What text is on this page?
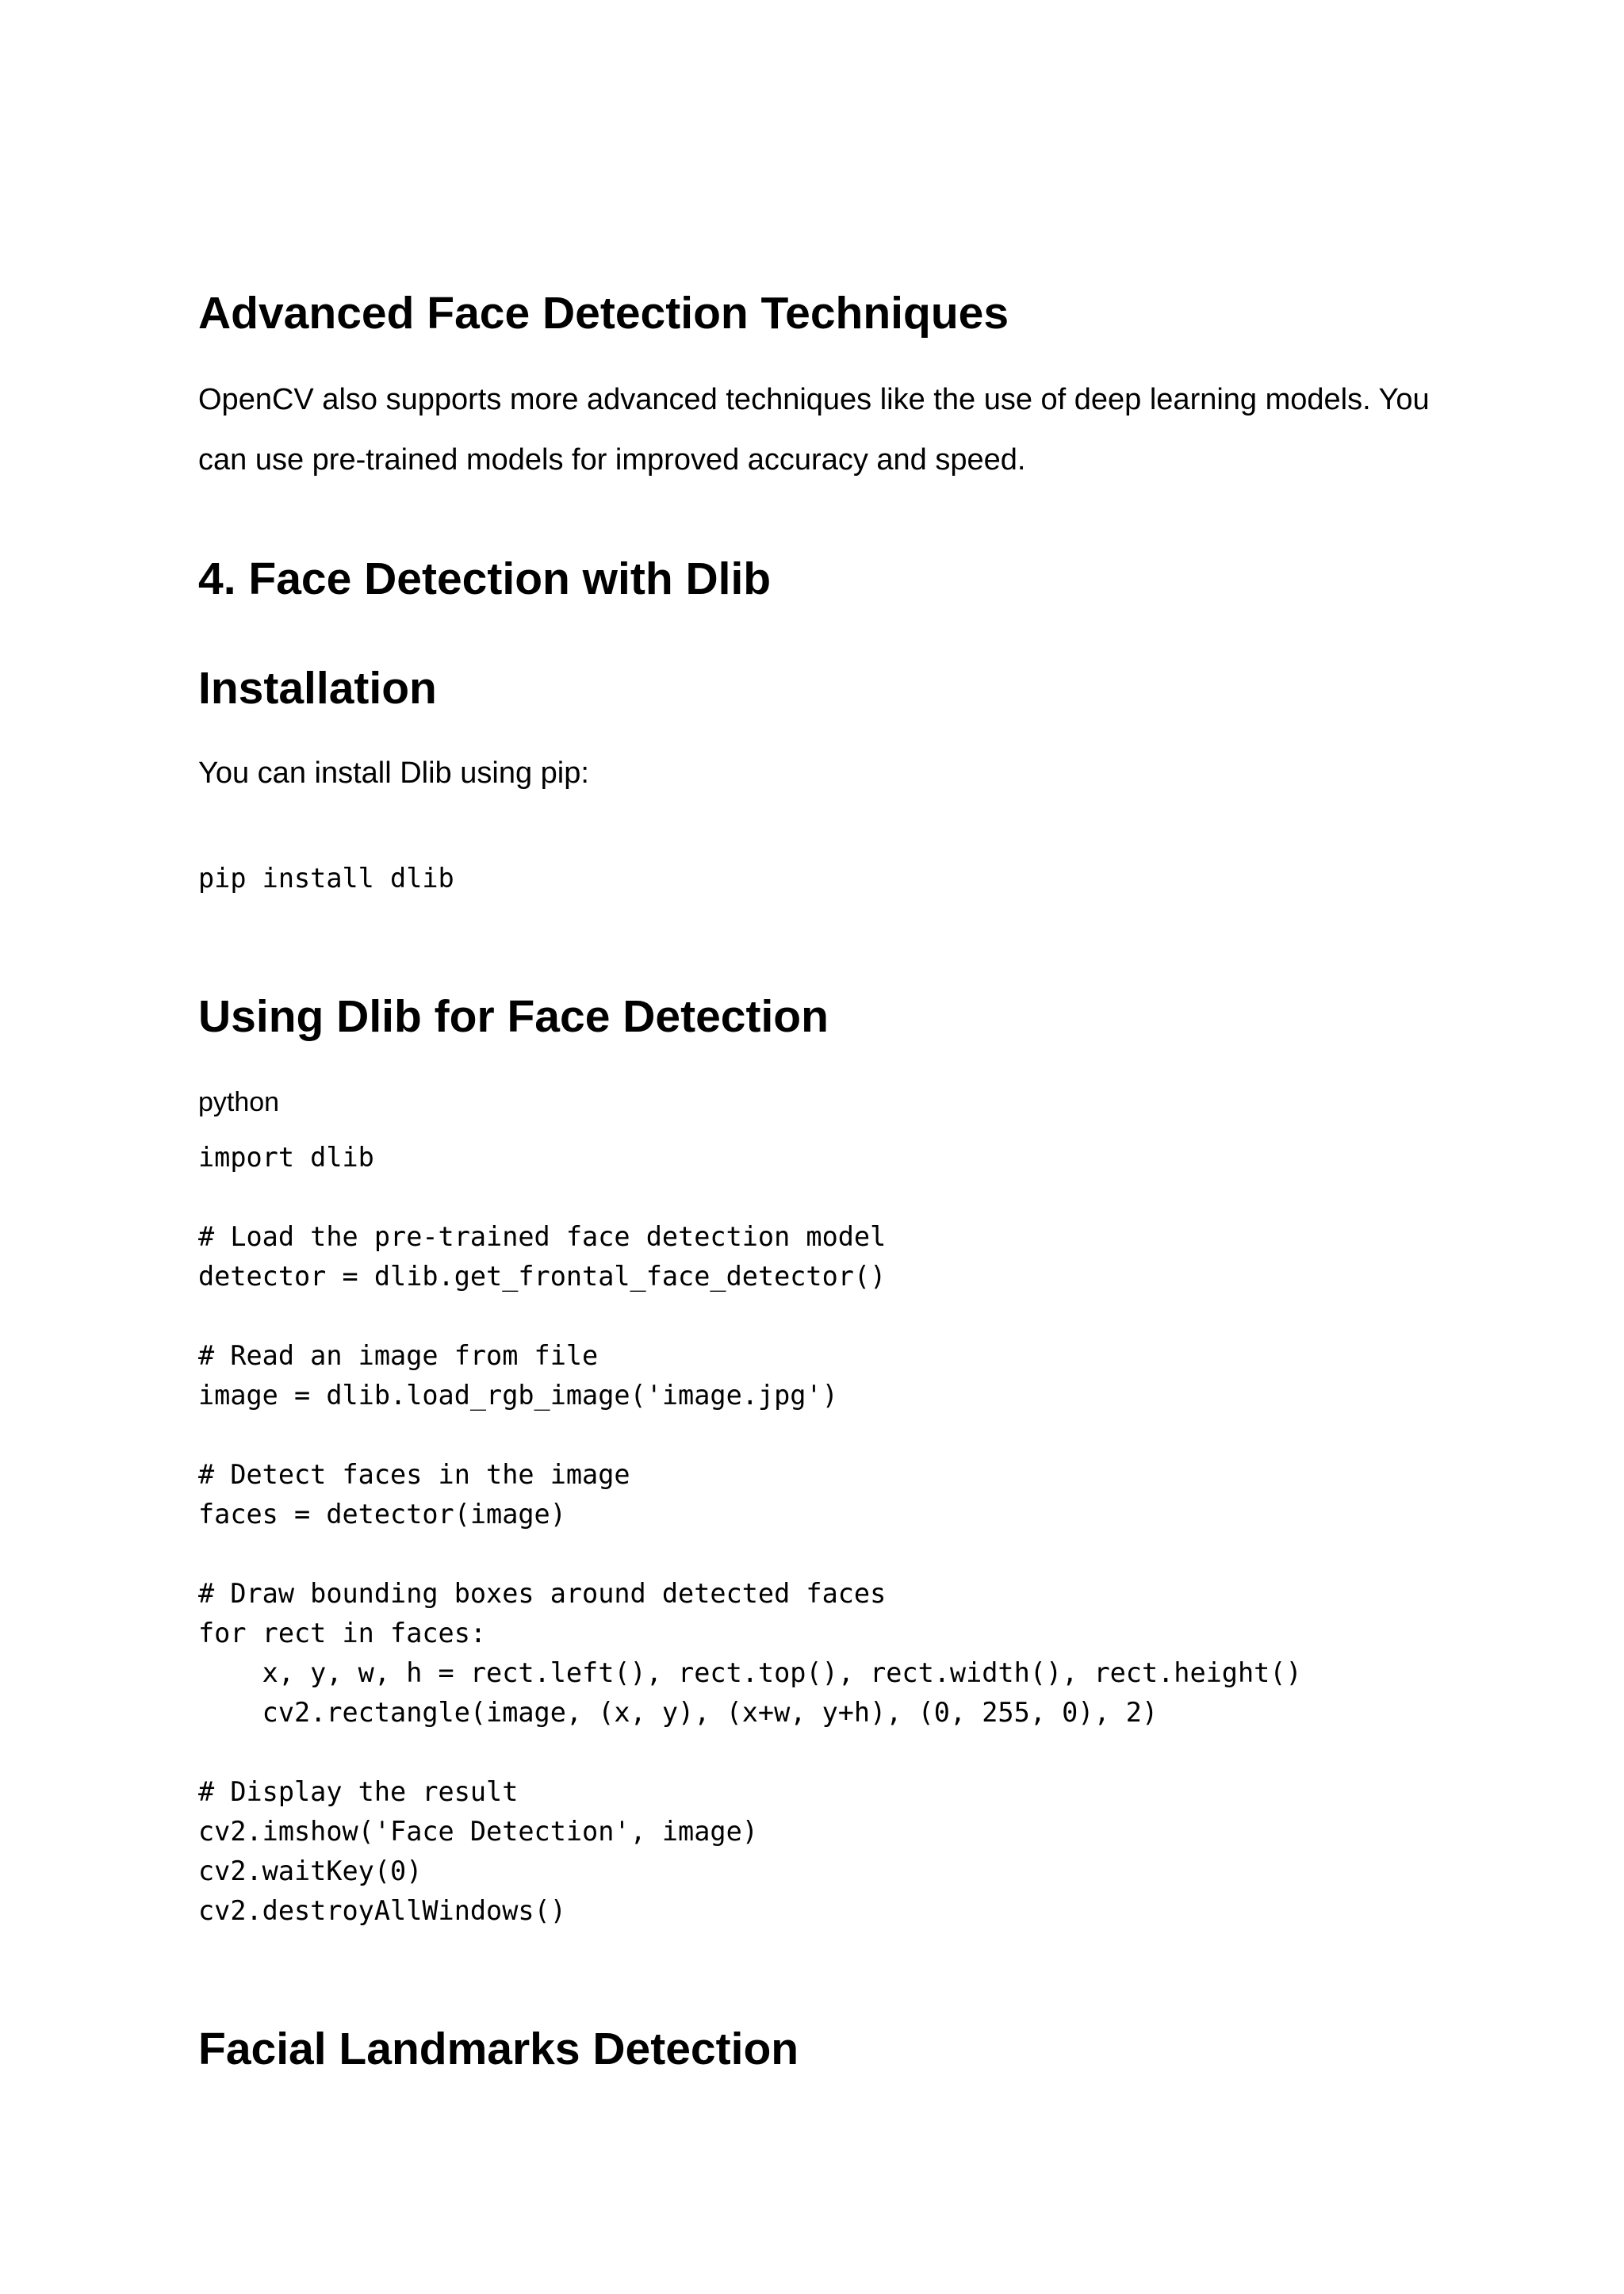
Advanced Face Detection Techniques

OpenCV also supports more advanced techniques like the use of deep learning models. You

can use pre-trained models for improved accuracy and speed.

4. Face Detection with Dlib
Installation

You can install Dlib using pip:

pip install dlib
Using Dlib for Face Detection

python

import dlib

# Load the pre-trained face detection model
detector = dlib.get_frontal_face_detector()

# Read an image from file
image = dlib.load_rgb_image('image.jpg')

# Detect faces in the image
faces = detector(image)

# Draw bounding boxes around detected faces
for rect in faces:
x, y, w, h = rect.left(), rect.top(), rect.width(), rect.height()
cv2.rectangle(image, (x, y), (x+w, y+h), (0, 255, 0), 2)

# Display the result
cv2.imshow('Face Detection', image)
cv2.waitKey(0)
cv2.destroyAllWindows()
Facial Landmarks Detection
